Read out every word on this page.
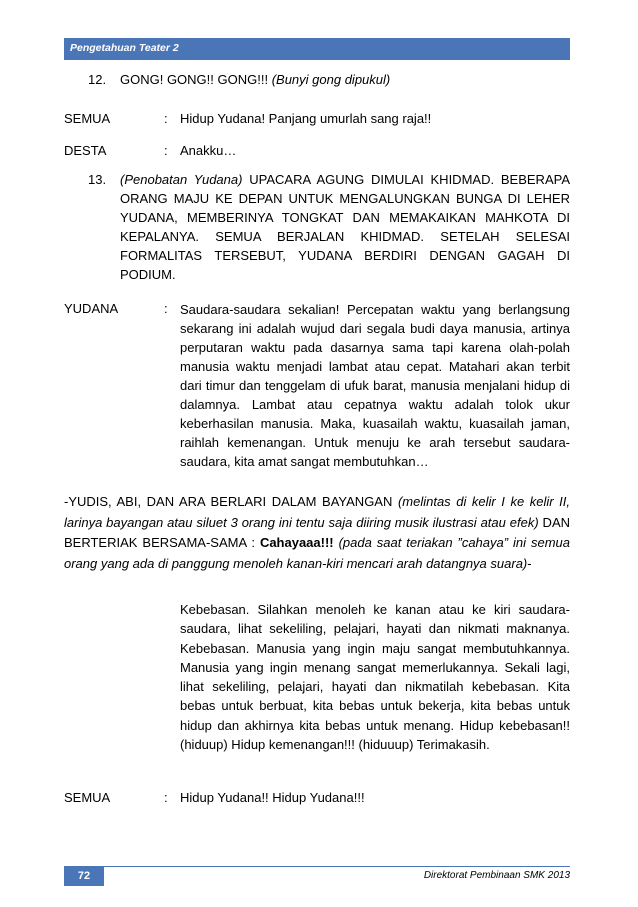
Pengetahuan Teater 2
12. GONG! GONG!! GONG!!! (Bunyi gong dipukul)
SEMUA	: Hidup Yudana! Panjang umurlah sang raja!!
DESTA	: Anakku…
13. (Penobatan Yudana) UPACARA AGUNG DIMULAI KHIDMAD. BEBERAPA ORANG MAJU KE DEPAN UNTUK MENGALUNGKAN BUNGA DI LEHER YUDANA, MEMBERINYA TONGKAT DAN MEMAKAIKAN MAHKOTA DI KEPALANYA. SEMUA BERJALAN KHIDMAD. SETELAH SELESAI FORMALITAS TERSEBUT, YUDANA BERDIRI DENGAN GAGAH DI PODIUM.
YUDANA	: Saudara-saudara sekalian! Percepatan waktu yang berlangsung sekarang ini adalah wujud dari segala budi daya manusia, artinya perputaran waktu pada dasarnya sama tapi karena olah-polah manusia waktu menjadi lambat atau cepat. Matahari akan terbit dari timur dan tenggelam di ufuk barat, manusia menjalani hidup di dalamnya. Lambat atau cepatnya waktu adalah tolok ukur keberhasilan manusia. Maka, kuasailah waktu, kuasailah jaman, raihlah kemenangan. Untuk menuju ke arah tersebut saudara-saudara, kita amat sangat membutuhkan…
-YUDIS, ABI, DAN ARA BERLARI DALAM BAYANGAN (melintas di kelir I ke kelir II, larinya bayangan atau siluet 3 orang ini tentu saja diiring musik ilustrasi atau efek) DAN BERTERIAK BERSAMA-SAMA : Cahayaaa!!! (pada saat teriakan ”cahaya” ini semua orang yang ada di panggung menoleh kanan-kiri mencari arah datangnya suara)-
Kebebasan. Silahkan menoleh ke kanan atau ke kiri saudara-saudara, lihat sekeliling, pelajari, hayati dan nikmati maknanya. Kebebasan. Manusia yang ingin maju sangat membutuhkannya. Manusia yang ingin menang sangat memerlukannya. Sekali lagi, lihat sekeliling, pelajari, hayati dan nikmatilah kebebasan. Kita bebas untuk berbuat, kita bebas untuk bekerja, kita bebas untuk hidup dan akhirnya kita bebas untuk menang. Hidup kebebasan!! (hiduup) Hidup kemenangan!!! (hiduuup) Terimakasih.
SEMUA	: Hidup Yudana!! Hidup Yudana!!!
72	Direktorat Pembinaan SMK 2013
